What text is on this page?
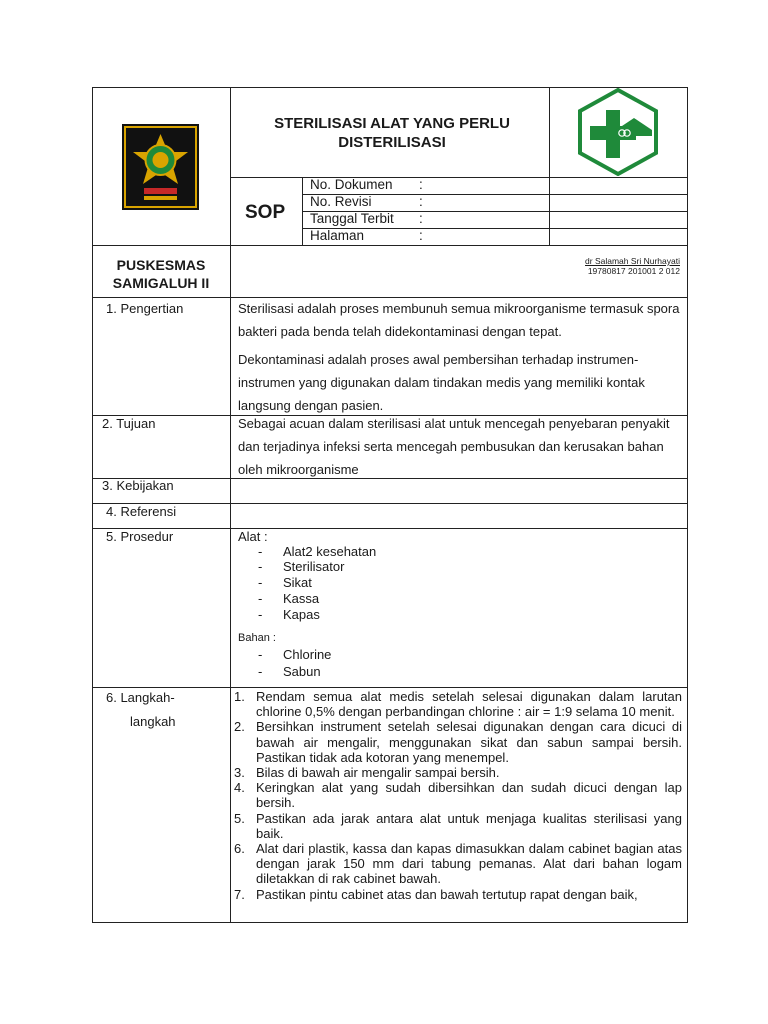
STERILISASI ALAT YANG PERLU DISTERILISASI
SOP
No. Dokumen :
No. Revisi	:
Tanggal Terbit :
Halaman	:
PUSKESMAS SAMIGALUH II
dr Salamah Sri Nurhayati
19780817 201001 2 012
1. Pengertian	Sterilisasi adalah proses membunuh semua mikroorganisme termasuk spora bakteri pada benda telah didekontaminasi dengan tepat.
Dekontaminasi adalah proses awal pembersihan terhadap instrumen-instrumen yang digunakan dalam tindakan medis yang memiliki kontak langsung dengan pasien.
2. Tujuan	Sebagai acuan dalam sterilisasi alat untuk mencegah penyebaran penyakit dan terjadinya infeksi serta mencegah pembusukan dan kerusakan bahan oleh mikroorganisme
3. Kebijakan
4. Referensi
5. Prosedur	Alat :
- Alat2 kesehatan
- Sterilisator
- Sikat
- Kassa
- Kapas
Bahan :
- Chlorine
- Sabun
6. Langkah-
langkah
1. Rendam semua alat medis setelah selesai digunakan dalam larutan chlorine 0,5% dengan perbandingan chlorine : air = 1:9 selama 10 menit.
2. Bersihkan instrument setelah selesai digunakan dengan cara dicuci di bawah air mengalir, menggunakan sikat dan sabun sampai bersih. Pastikan tidak ada kotoran yang menempel.
3. Bilas di bawah air mengalir sampai bersih.
4. Keringkan alat yang sudah dibersihkan dan sudah dicuci dengan lap bersih.
5. Pastikan ada jarak antara alat untuk menjaga kualitas sterilisasi yang baik.
6. Alat dari plastik, kassa dan kapas dimasukkan dalam cabinet bagian atas dengan jarak 150 mm dari tabung pemanas. Alat dari bahan logam diletakkan di rak cabinet bawah.
7. Pastikan pintu cabinet atas dan bawah tertutup rapat dengan baik,
